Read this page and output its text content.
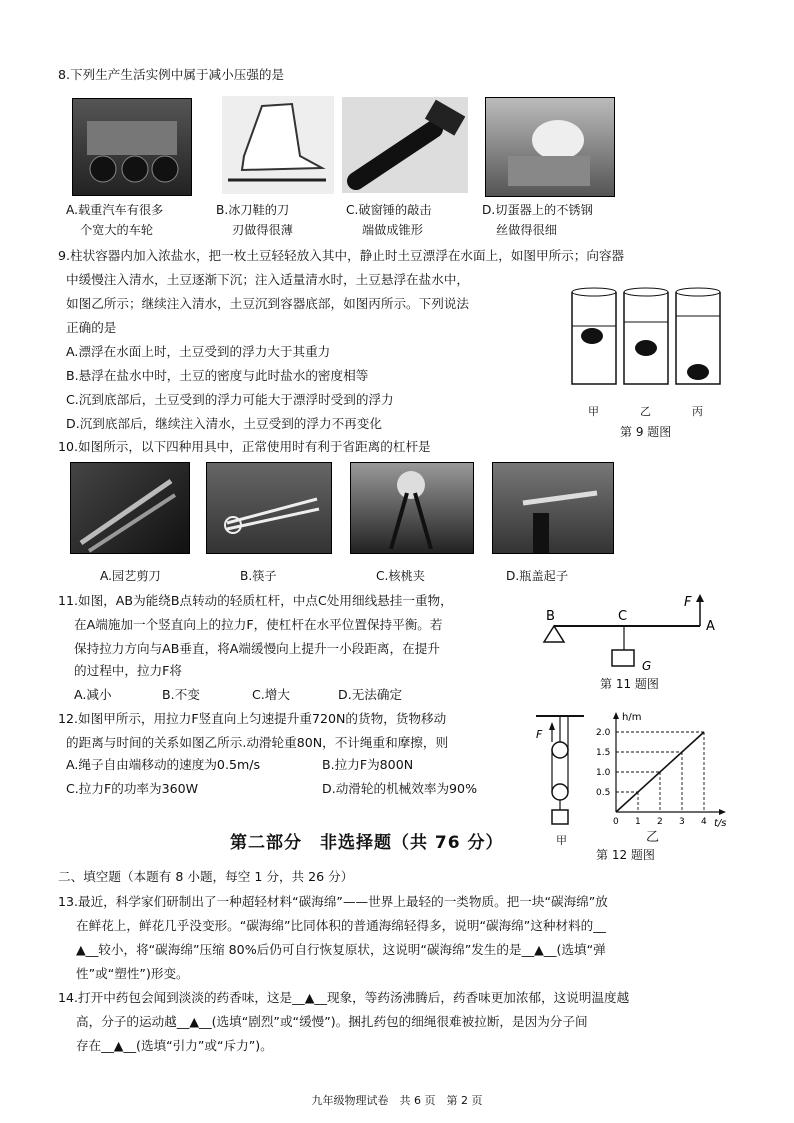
8.下列生产生活实例中属于减小压强的是
A.载重汽车有很多
个宽大的车轮
B.冰刀鞋的刀
刃做得很薄
C.破窗锤的敲击
端做成锥形
D.切蛋器上的不锈钢
丝做得很细
9.柱状容器内加入浓盐水，把一枚土豆轻轻放入其中，静止时土豆漂浮在水面上，如图甲所示；向容器
中缓慢注入清水，土豆逐渐下沉；注入适量清水时，土豆悬浮在盐水中，
如图乙所示；继续注入清水，土豆沉到容器底部，如图丙所示。下列说法
正确的是
A.漂浮在水面上时，土豆受到的浮力大于其重力
B.悬浮在盐水中时，土豆的密度与此时盐水的密度相等
C.沉到底部后，土豆受到的浮力可能大于漂浮时受到的浮力
D.沉到底部后，继续注入清水，土豆受到的浮力不再变化
甲	乙	丙
第 9 题图
10.如图所示，以下四种用具中，正常使用时有利于省距离的杠杆是
A.园艺剪刀	B.筷子	C.核桃夹	D.瓶盖起子
11.如图，AB为能绕B点转动的轻质杠杆，中点C处用细线悬挂一重物，
在A端施加一个竖直向上的拉力F，使杠杆在水平位置保持平衡。若
保持拉力方向与AB垂直，将A端缓慢向上提升一小段距离，在提升
的过程中，拉力F将
A.减小	B.不变	C.增大	D.无法确定
B	C
F
A
G
第 11 题图
12.如图甲所示，用拉力F竖直向上匀速提升重720N的货物，货物移动
的距离与时间的关系如图乙所示.动滑轮重80N，不计绳重和摩擦，则
A.绳子自由端移动的速度为0.5m/s	B.拉力F为800N
C.拉力F的功率为360W	D.动滑轮的机械效率为90%
F
甲
h/m
t/s
0.5
1.0
1.5
2.0
0 1 2 3 4
乙
第 12 题图
第二部分　非选择题（共 76 分）
二、填空题（本题有 8 小题，每空 1 分，共 26 分）
13.最近，科学家们研制出了一种超轻材料“碳海绵”——世界上最轻的一类物质。把一块“碳海绵”放
在鲜花上，鲜花几乎没变形。“碳海绵”比同体积的普通海绵轻得多，说明“碳海绵”这种材料的__
▲__较小，将“碳海绵”压缩 80%后仍可自行恢复原状，这说明“碳海绵”发生的是__▲__(选填“弹
性”或“塑性”)形变。
14.打开中药包会闻到淡淡的药香味，这是__▲__现象，等药汤沸腾后，药香味更加浓郁，这说明温度越
高，分子的运动越__▲__(选填“剧烈”或“缓慢”)。捆扎药包的细绳很难被拉断，是因为分子间
存在__▲__(选填“引力”或“斥力”)。
九年级物理试卷　共 6 页　第 2 页
